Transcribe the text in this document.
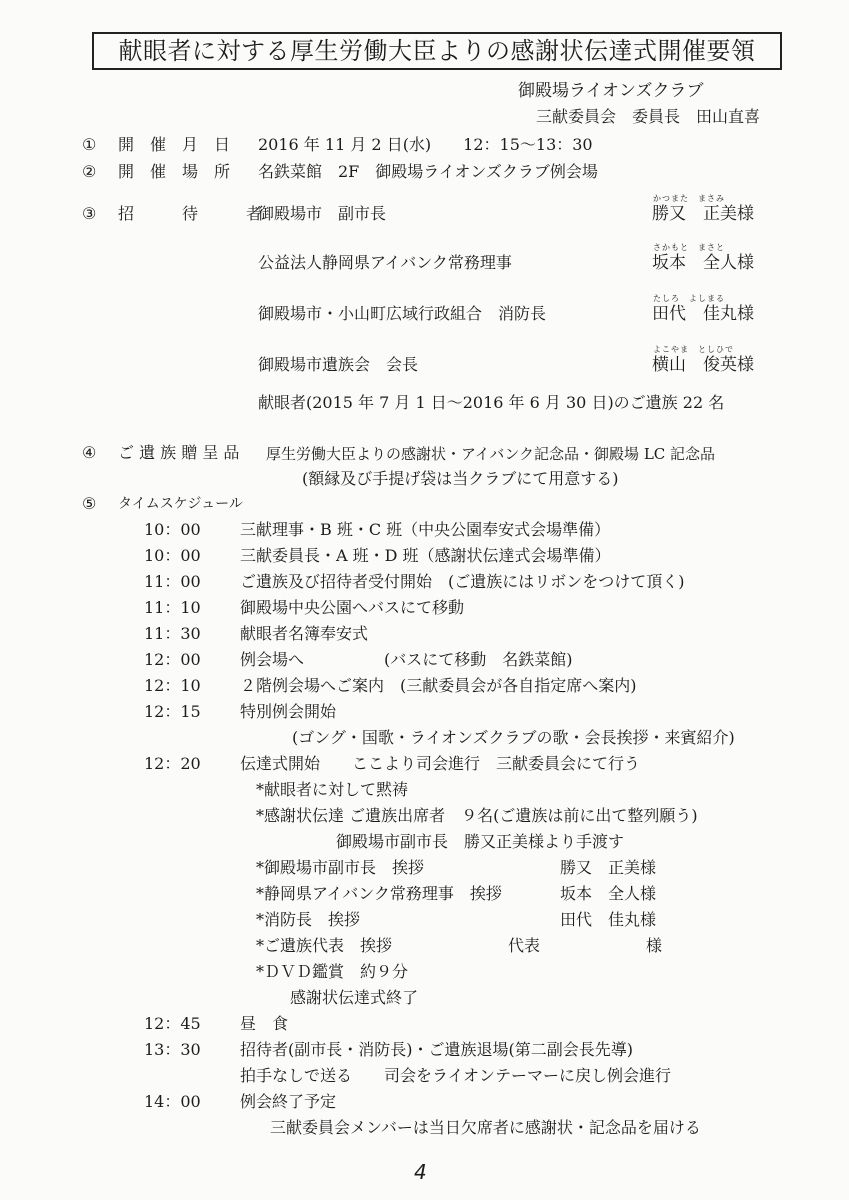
献眼者に対する厚生労働大臣よりの感謝状伝達式開催要領
御殿場ライオンズクラブ
三献委員会　委員長　田山直喜
① 開　催　月　日 2016 年 11 月 2 日(水)　　12：15〜13：30
② 開　催　場　所 名鉄菜館　2F　御殿場ライオンズクラブ例会場
③ 招　　　待　　　者
御殿場市　副市長
かつまた　まさみ
勝又　正美様
公益法人静岡県アイバンク常務理事
さかもと　まさと
坂本　全人様
御殿場市・小山町広域行政組合　消防長
たしろ　よしまる
田代　佳丸様
御殿場市遺族会　会長
よこやま　としひで
横山　俊英様
献眼者(2015 年 7 月 1 日〜2016 年 6 月 30 日)のご遺族 22 名
④ ご 遺 族 贈 呈 品 厚生労働大臣よりの感謝状・アイバンク記念品・御殿場 LC 記念品
(額縁及び手提げ袋は当クラブにて用意する)
⑤ タイムスケジュール
10：00 三献理事・B 班・C 班（中央公園奉安式会場準備）
10：00 三献委員長・A 班・D 班（感謝状伝達式会場準備）
11：00 ご遺族及び招待者受付開始　(ご遺族にはリボンをつけて頂く)
11：10 御殿場中央公園へバスにて移動
11：30 献眼者名簿奉安式
12：00 例会場へ　　　　　(バスにて移動　名鉄菜館)
12：10 ２階例会場へご案内　(三献委員会が各自指定席へ案内)
12：15 特別例会開始
(ゴング・国歌・ライオンズクラブの歌・会長挨拶・来賓紹介)
12：20 伝達式開始　　ここより司会進行　三献委員会にて行う
*献眼者に対して黙祷
*感謝状伝達 ご遺族出席者　９名(ご遺族は前に出て整列願う)
御殿場市副市長　勝又正美様より手渡す
*御殿場市副市長　挨拶	勝又　正美様
*静岡県アイバンク常務理事　挨拶	坂本　全人様
*消防長　挨拶	田代　佳丸様
*ご遺族代表　挨拶	代表	様
*ＤＶＤ鑑賞　約９分
感謝状伝達式終了
12：45 昼　食
13：30 招待者(副市長・消防長)・ご遺族退場(第二副会長先導)
拍手なしで送る　　司会をライオンテーマーに戻し例会進行
14：00 例会終了予定
三献委員会メンバーは当日欠席者に感謝状・記念品を届ける
4
